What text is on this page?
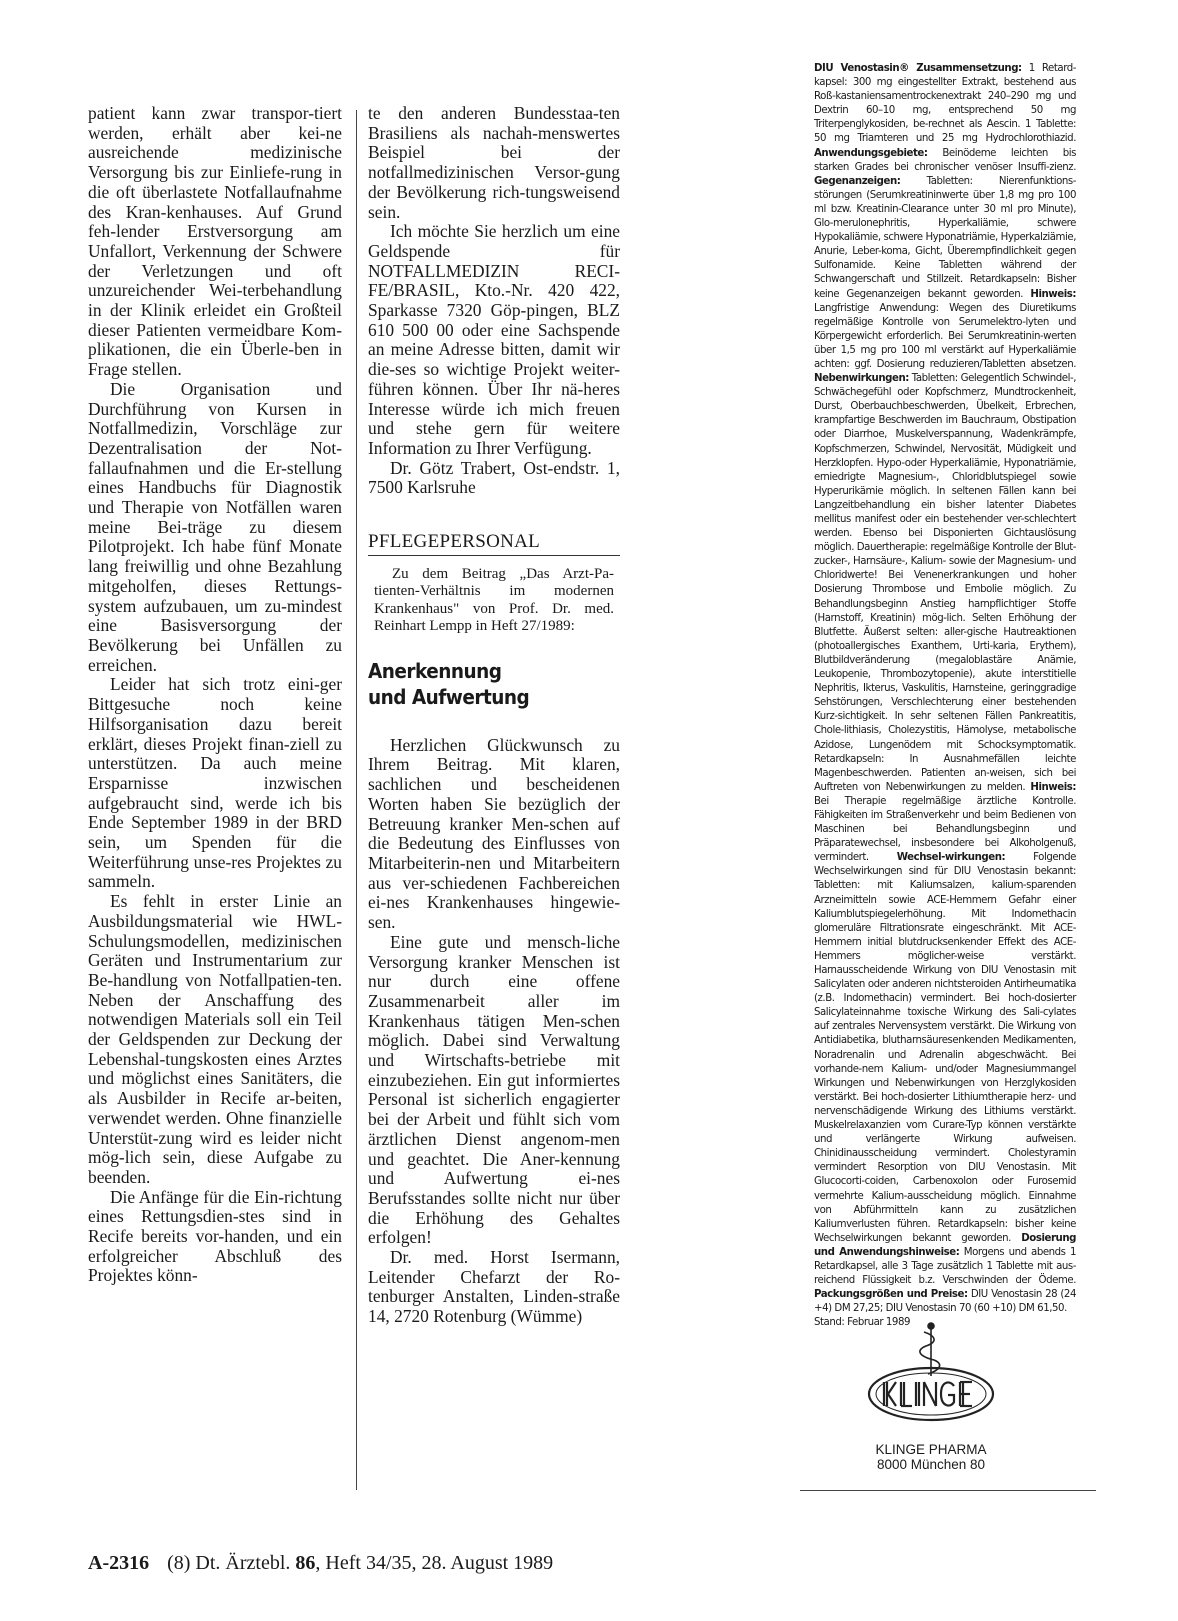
patient kann zwar transpor-tiert werden, erhält aber kei-ne ausreichende medizinische Versorgung bis zur Einliefe-rung in die oft überlastete Notfallaufnahme des Kran-kenhauses. Auf Grund feh-lender Erstversorgung am Unfallort, Verkennung der Schwere der Verletzungen und oft unzureichender Wei-terbehandlung in der Klinik erleidet ein Großteil dieser Patienten vermeidbare Kom-plikationen, die ein Überle-ben in Frage stellen.

Die Organisation und Durchführung von Kursen in Notfallmedizin, Vorschläge zur Dezentralisation der Not-fallaufnahmen und die Er-stellung eines Handbuchs für Diagnostik und Therapie von Notfällen waren meine Bei-träge zu diesem Pilotprojekt. Ich habe fünf Monate lang freiwillig und ohne Bezahlung mitgeholfen, dieses Rettungs-system aufzubauen, um zu-mindest eine Basisversorgung der Bevölkerung bei Unfällen zu erreichen.

Leider hat sich trotz eini-ger Bittgesuche noch keine Hilfsorganisation dazu bereit erklärt, dieses Projekt finan-ziell zu unterstützen. Da auch meine Ersparnisse inzwischen aufgebraucht sind, werde ich bis Ende September 1989 in der BRD sein, um Spenden für die Weiterführung unse-res Projektes zu sammeln.

Es fehlt in erster Linie an Ausbildungsmaterial wie HWL-Schulungsmodellen, medizinischen Geräten und Instrumentarium zur Be-handlung von Notfallpatien-ten. Neben der Anschaffung des notwendigen Materials soll ein Teil der Geldspenden zur Deckung der Lebenshal-tungskosten eines Arztes und möglichst eines Sanitäters, die als Ausbilder in Recife ar-beiten, verwendet werden. Ohne finanzielle Unterstüt-zung wird es leider nicht mög-lich sein, diese Aufgabe zu beenden.

Die Anfänge für die Ein-richtung eines Rettungsdien-stes sind in Recife bereits vor-handen, und ein erfolgreicher Abschluß des Projektes könn-

te den anderen Bundesstaa-ten Brasiliens als nachah-menswertes Beispiel bei der notfallmedizinischen Versor-gung der Bevölkerung rich-tungsweisend sein.

Ich möchte Sie herzlich um eine Geldspende für NOTFALLMEDIZIN RECI-FE/BRASIL, Kto.-Nr. 420 422, Sparkasse 7320 Göp-pingen, BLZ 610 500 00 oder eine Sachspende an meine Adresse bitten, damit wir die-ses so wichtige Projekt weiter-führen können. Über Ihr nä-heres Interesse würde ich mich freuen und stehe gern für weitere Information zu Ihrer Verfügung.

Dr. Götz Trabert, Ost-endstr. 1, 7500 Karlsruhe

PFLEGEPERSONAL

Zu dem Beitrag „Das Arzt-Pa-tienten-Verhältnis im modernen Krankenhaus" von Prof. Dr. med. Reinhart Lempp in Heft 27/1989:

Anerkennung
und Aufwertung

Herzlichen Glückwunsch zu Ihrem Beitrag. Mit klaren, sachlichen und bescheidenen Worten haben Sie bezüglich der Betreuung kranker Men-schen auf die Bedeutung des Einflusses von Mitarbeiterin-nen und Mitarbeitern aus ver-schiedenen Fachbereichen ei-nes Krankenhauses hingewie-sen.

Eine gute und mensch-liche Versorgung kranker Menschen ist nur durch eine offene Zusammenarbeit aller im Krankenhaus tätigen Men-schen möglich. Dabei sind Verwaltung und Wirtschafts-betriebe mit einzubeziehen. Ein gut informiertes Personal ist sicherlich engagierter bei der Arbeit und fühlt sich vom ärztlichen Dienst angenom-men und geachtet. Die Aner-kennung und Aufwertung ei-nes Berufsstandes sollte nicht nur über die Erhöhung des Gehaltes erfolgen!

Dr. med. Horst Isermann, Leitender Chefarzt der Ro-tenburger Anstalten, Linden-straße 14, 2720 Rotenburg (Wümme)

DIU Venostasin® Zusammensetzung: 1 Retard-kapsel: 300 mg eingestellter Extrakt, bestehend aus Roß-kastaniensamentrockenextrakt 240–290 mg und Dextrin 60–10 mg, entsprechend 50 mg Triterpenglykosiden, be-rechnet als Aescin. 1 Tablette: 50 mg Triamteren und 25 mg Hydrochlorothiazid. Anwendungsgebiete: Beinödeme leichten bis starken Grades bei chronischer venöser Insuffi-zienz. Gegenanzeigen:	Tabletten: Nierenfunktions-störungen (Serumkreatininwerte über 1,8 mg pro 100 ml bzw. Kreatinin-Clearance unter 30 ml pro Minute), Glo-merulonephritis, Hyperkaliämie, schwere Hypokaliämie, schwere Hyponatriämie, Hyperkalziämie, Anurie, Leber-koma, Gicht, Überempfindlichkeit gegen Sulfonamide. Keine Tabletten während der Schwangerschaft und Stillzeit. Retardkapseln: Bisher keine Gegenanzeigen bekannt geworden. Hinweis: Langfristige Anwendung: Wegen des Diuretikums regelmäßige Kontrolle von Serumelektro-lyten und Körpergewicht erforderlich. Bei Serumkreatinin-werten über 1,5 mg pro 100 ml verstärkt auf Hyperkaliämie achten: ggf. Dosierung reduzieren/Tabletten absetzen. Nebenwirkungen: Tabletten: Gelegentlich Schwindel-, Schwächegefühl oder Kopfschmerz, Mundtrockenheit, Durst, Oberbauchbeschwerden, Übelkeit, Erbrechen, krampfartige Beschwerden im Bauchraum, Obstipation oder Diarrhoe, Muskelverspannung, Wadenkrämpfe, Kopfschmerzen, Schwindel, Nervosität, Müdigkeit und Herzklopfen. Hypo-oder Hyperkaliämie, Hyponatriämie, erniedrigte Magnesium-, Chloridblutspiegel sowie Hyperurikämie möglich. In seltenen Fällen kann bei Langzeitbehandlung ein bisher latenter Diabetes mellitus manifest oder ein bestehender ver-schlechtert werden. Ebenso bei Disponierten Gichtauslösung möglich. Dauertherapie: regelmäßige Kontrolle der Blut-zucker-, Harnsäure-, Kalium- sowie der Magnesium- und Chloridwerte! Bei Venenerkrankungen und hoher Dosierung Thrombose und Embolie möglich. Zu Behandlungsbeginn Anstieg harnpflichtiger Stoffe (Harnstoff, Kreatinin) mög-lich. Selten Erhöhung der Blutfette. Äußerst selten: aller-gische Hautreaktionen (photoallergisches Exanthem, Urti-karia, Erythem), Blutbildveränderung (megaloblastäre Anämie, Leukopenie, Thrombozytopenie), akute interstitielle Nephritis, Ikterus, Vaskulitis, Harnsteine, geringgradige Sehstörungen, Verschlechterung einer bestehenden Kurz-sichtigkeit. In sehr seltenen Fällen Pankreatitis, Chole-lithiasis, Cholezystitis, Hämolyse, metabolische Azidose, Lungenödem mit Schocksymptomatik. Retardkapseln: In Ausnahmefällen leichte Magenbeschwerden. Patienten an-weisen, sich bei Auftreten von Nebenwirkungen zu melden. Hinweis: Bei Therapie regelmäßige ärztliche Kontrolle. Fähigkeiten im Straßenverkehr und beim Bedienen von Maschinen bei Behandlungsbeginn und Präparatewechsel, insbesondere bei Alkoholgenuß, vermindert.	Wechsel-wirkungen:	Folgende Wechselwirkungen sind für DIU Venostasin bekannt: Tabletten: mit Kaliumsalzen, kalium-sparenden Arzneimitteln sowie ACE-Hemmern Gefahr einer Kaliumblutspiegelerhöhung. Mit Indomethacin glomeruläre Filtrationsrate eingeschränkt. Mit ACE-Hemmern initial blutdrucksenkender Effekt des ACE-Hemmers möglicher-weise verstärkt. Harnausscheidende Wirkung von DIU Venostasin mit Salicylaten oder anderen nichtsteroiden Antirheumatika (z.B. Indomethacin) vermindert. Bei hoch-dosierter Salicylateinnahme toxische Wirkung des Sali-cylates auf zentrales Nervensystem verstärkt. Die Wirkung von Antidiabetika, blutharnsäuresenkenden Medikamenten, Noradrenalin und Adrenalin abgeschwächt. Bei vorhande-nem Kalium- und/oder Magnesiummangel Wirkungen und Nebenwirkungen von Herzglykosiden verstärkt. Bei hoch-dosierter Lithiumtherapie herz- und nervenschädigende Wirkung des Lithiums verstärkt. Muskelrelaxanzien vom Curare-Typ können verstärkte und verlängerte Wirkung aufweisen. Chinidinausscheidung vermindert. Cholestyramin vermindert Resorption von DIU Venostasin. Mit Glucocorti-coiden, Carbenoxolon oder Furosemid vermehrte Kalium-ausscheidung möglich. Einnahme von Abführmitteln kann zu zusätzlichen Kaliumverlusten führen. Retardkapseln: bisher keine Wechselwirkungen bekannt geworden. Dosierung und Anwendungshinweise: Morgens und abends 1 Retardkapsel, alle 3 Tage zusätzlich 1 Tablette mit aus-reichend Flüssigkeit b.z. Verschwinden der Ödeme. Packungsgrößen und Preise: DIU Venostasin 28 (24 +4) DM 27,25; DIU Venostasin 70 (60 +10) DM 61,50.
Stand: Februar 1989
KLINGE PHARMA
8000 München 80
A-2316 (8) Dt. Ärztebl. 86, Heft 34/35, 28. August 1989
